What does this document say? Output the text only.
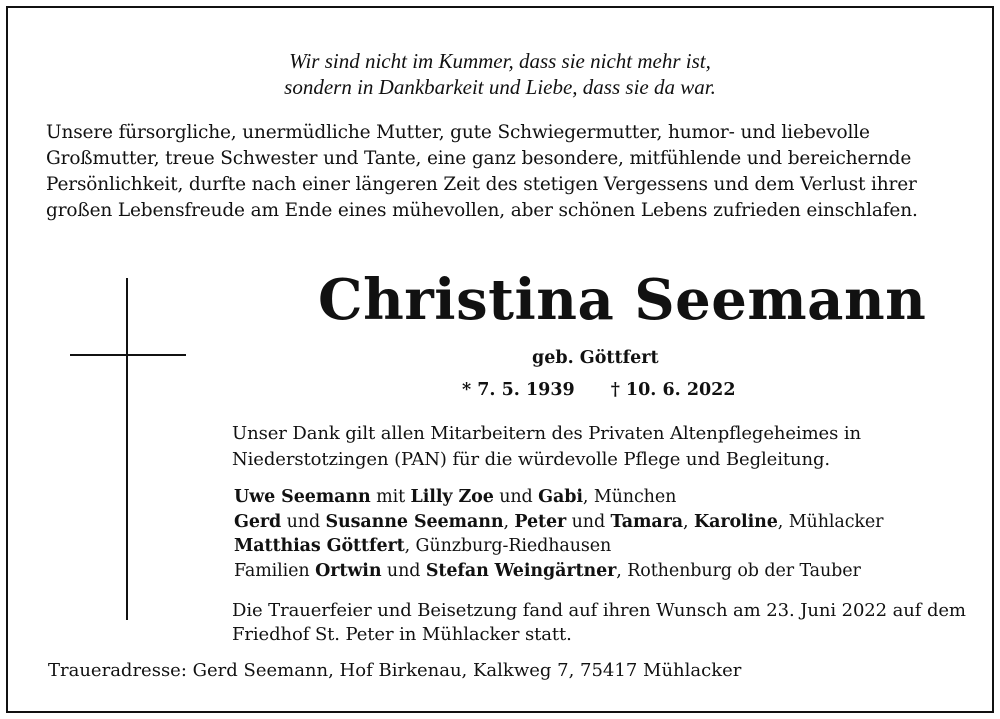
Wir sind nicht im Kummer, dass sie nicht mehr ist,
sondern in Dankbarkeit und Liebe, dass sie da war.
Unsere fürsorgliche, unermüdliche Mutter, gute Schwiegermutter, humor- und liebevolle Großmutter, treue Schwester und Tante, eine ganz besondere, mitfühlende und bereichernde Persönlichkeit, durfte nach einer längeren Zeit des stetigen Vergessens und dem Verlust ihrer großen Lebensfreude am Ende eines mühevollen, aber schönen Lebens zufrieden einschlafen.
Christina Seemann
geb. Göttfert
* 7. 5. 1939 † 10. 6. 2022
Unser Dank gilt allen Mitarbeitern des Privaten Altenpflegeheimes in Niederstotzingen (PAN) für die würdevolle Pflege und Begleitung.
Uwe Seemann mit Lilly Zoe und Gabi, München
Gerd und Susanne Seemann, Peter und Tamara, Karoline, Mühlacker
Matthias Göttfert, Günzburg-Riedhausen
Familien Ortwin und Stefan Weingärtner, Rothenburg ob der Tauber
Die Trauerfeier und Beisetzung fand auf ihren Wunsch am 23. Juni 2022 auf dem Friedhof St. Peter in Mühlacker statt.
Traueradresse: Gerd Seemann, Hof Birkenau, Kalkweg 7, 75417 Mühlacker
